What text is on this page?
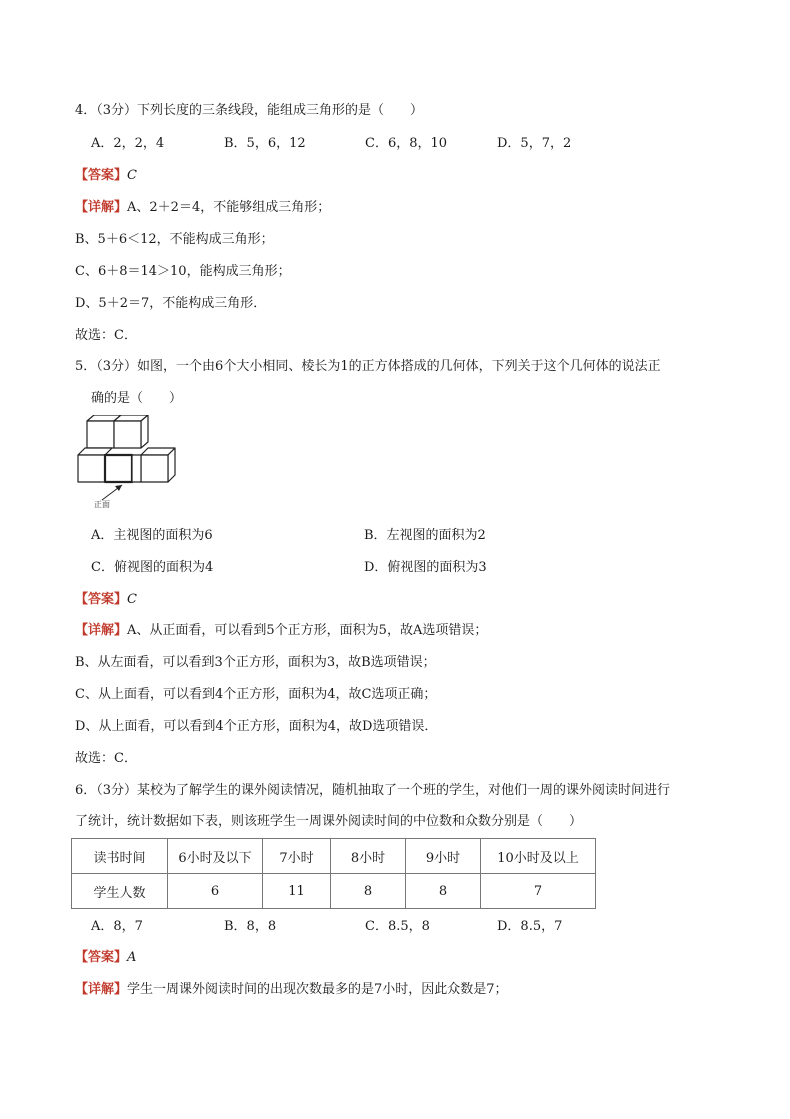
4．（3分）下列长度的三条线段，能组成三角形的是（　　）
A．2，2，4	B．5，6，12	C．6，8，10	D．5，7，2
【答案】C
【详解】A、2＋2＝4，不能够组成三角形；
B、5＋6＜12，不能构成三角形；
C、6＋8＝14＞10，能构成三角形；
D、5＋2＝7，不能构成三角形．
故选：C．
5．（3分）如图，一个由6个大小相同、棱长为1的正方体搭成的几何体，下列关于这个几何体的说法正
确的是（　　）
正面
A．主视图的面积为6	B．左视图的面积为2
C．俯视图的面积为4	D．俯视图的面积为3
【答案】C
【详解】A、从正面看，可以看到5个正方形，面积为5，故A选项错误；
B、从左面看，可以看到3个正方形，面积为3，故B选项错误；
C、从上面看，可以看到4个正方形，面积为4，故C选项正确；
D、从上面看，可以看到4个正方形，面积为4，故D选项错误．
故选：C．
6．（3分）某校为了解学生的课外阅读情况，随机抽取了一个班的学生，对他们一周的课外阅读时间进行
了统计，统计数据如下表，则该班学生一周课外阅读时间的中位数和众数分别是（　　）
读书时间	6小时及以下	7小时	8小时	9小时	10小时及以上
学生人数	6	11	8	8	7
A．8，7	B．8，8	C．8.5，8	D．8.5，7
【答案】A
【详解】学生一周课外阅读时间的出现次数最多的是7小时，因此众数是7；
